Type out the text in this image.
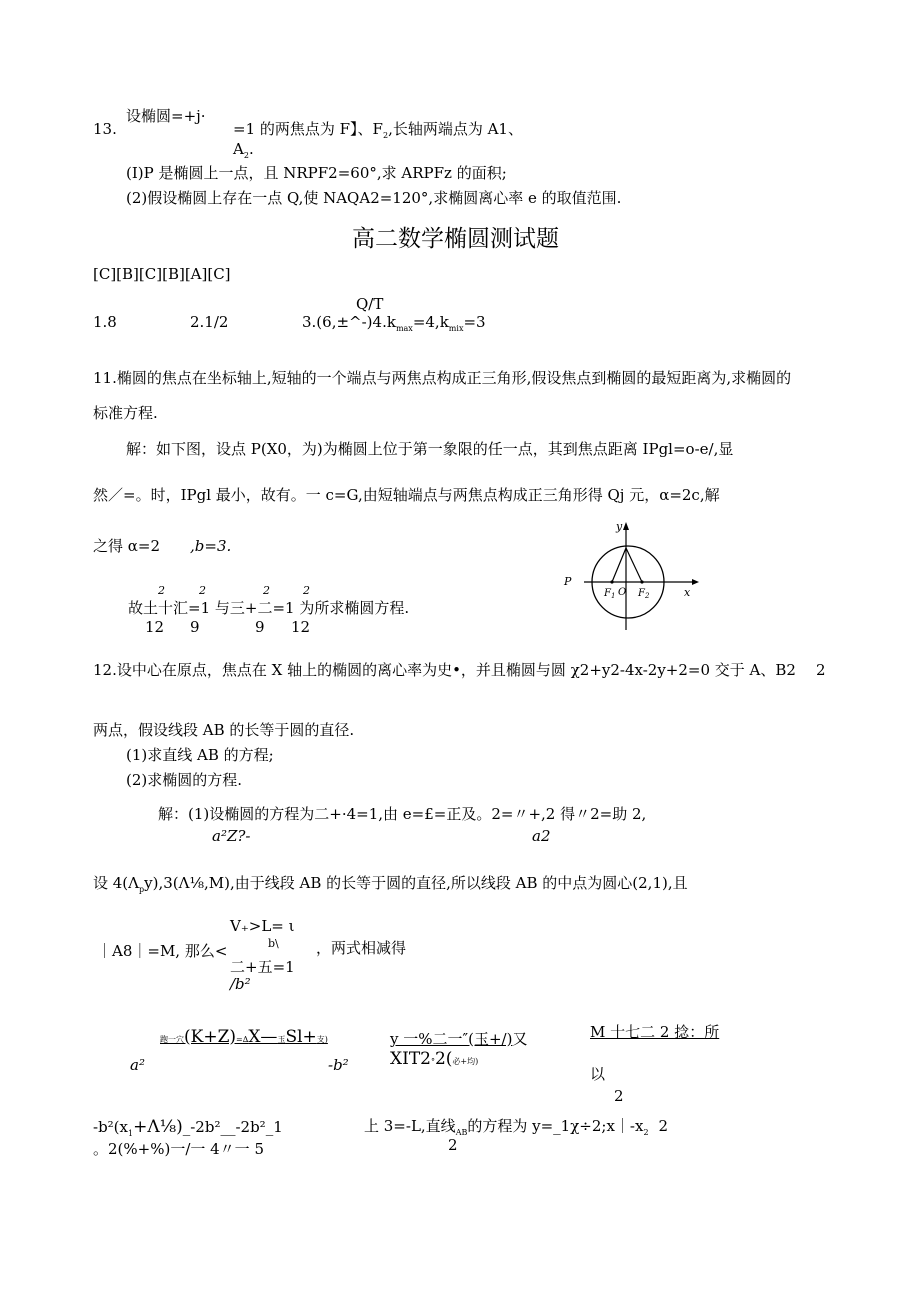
13.
设椭圆=+j·
=1 的两焦点为 F】、$F_2$,长轴两端点为 A1、
$A_2$.
(I)P 是椭圆上一点，且 NRPF2=60°,求 ARPFz 的面积;
(2)假设椭圆上存在一点 Q,使 NAQA2=120°,求椭圆离心率 e 的取值范围.
高二数学椭圆测试题
[C][B][C][B][A][C]
Q/T
1.8	2.1/2	$3.(6,\pm\^{}-)4.k_{max}=4,k_{mix}=3$
11.椭圆的焦点在坐标轴上,短轴的一个端点与两焦点构成正三角形,假设焦点到椭圆的最短距离为,求椭圆的
标准方程.
解：如下图，设点 P(X0，为)为椭圆上位于第一象限的任一点，其到焦点距离 IPgl=o-e/,显
然／=。时，IPgl 最小，故有。一 c=G,由短轴端点与两焦点构成正三角形得 Qj 元，α=2c,解
之得 α=2 ,b=3.
2	2	2	2
故土十汇=1 与三+二=1 为所求椭圆方程.
12 9	9 12
P
y
x
$F_1$ O $F_2$
12.设中心在原点，焦点在 X 轴上的椭圆的离心率为史•，并且椭圆与圆 χ2+y2-4x-2y+2=0 交于 A、B2 2
两点，假设线段 AB 的长等于圆的直径.
(1)求直线 AB 的方程;
(2)求椭圆的方程.
解：(1)设椭圆的方程为二+·4=1,由 e=£=正及。2=〃+,2 得〃2=助 2,
a²Z?-	a2
设 $4(\Lambda_py),3(\Lambda\frac{1}{8},M)$,由于线段 AB 的长等于圆的直径,所以线段 AB 的中点为圆心(2,1),且
V₊>L= ι
b\
｜A8｜=M, 那么<	，两式相减得
二+五=1
/b²
跑一穴(K+Z)=∆X—玉Sl+支)
a²	-b²
y 一%二一″(玉+/)又
XIT2°2(必+均)
M 十七二 2 捻：所
以
2
$-b^2(x_1+\Lambda\frac{1}{8})\_-2b^2\_\_-2b^2\_1$	上 3=-L,直线$_{AB}$的方程为 $y=\_1\chi\div 2;x|-x_2$ 2
2
。2(%+%)一/一 4〃一 5
